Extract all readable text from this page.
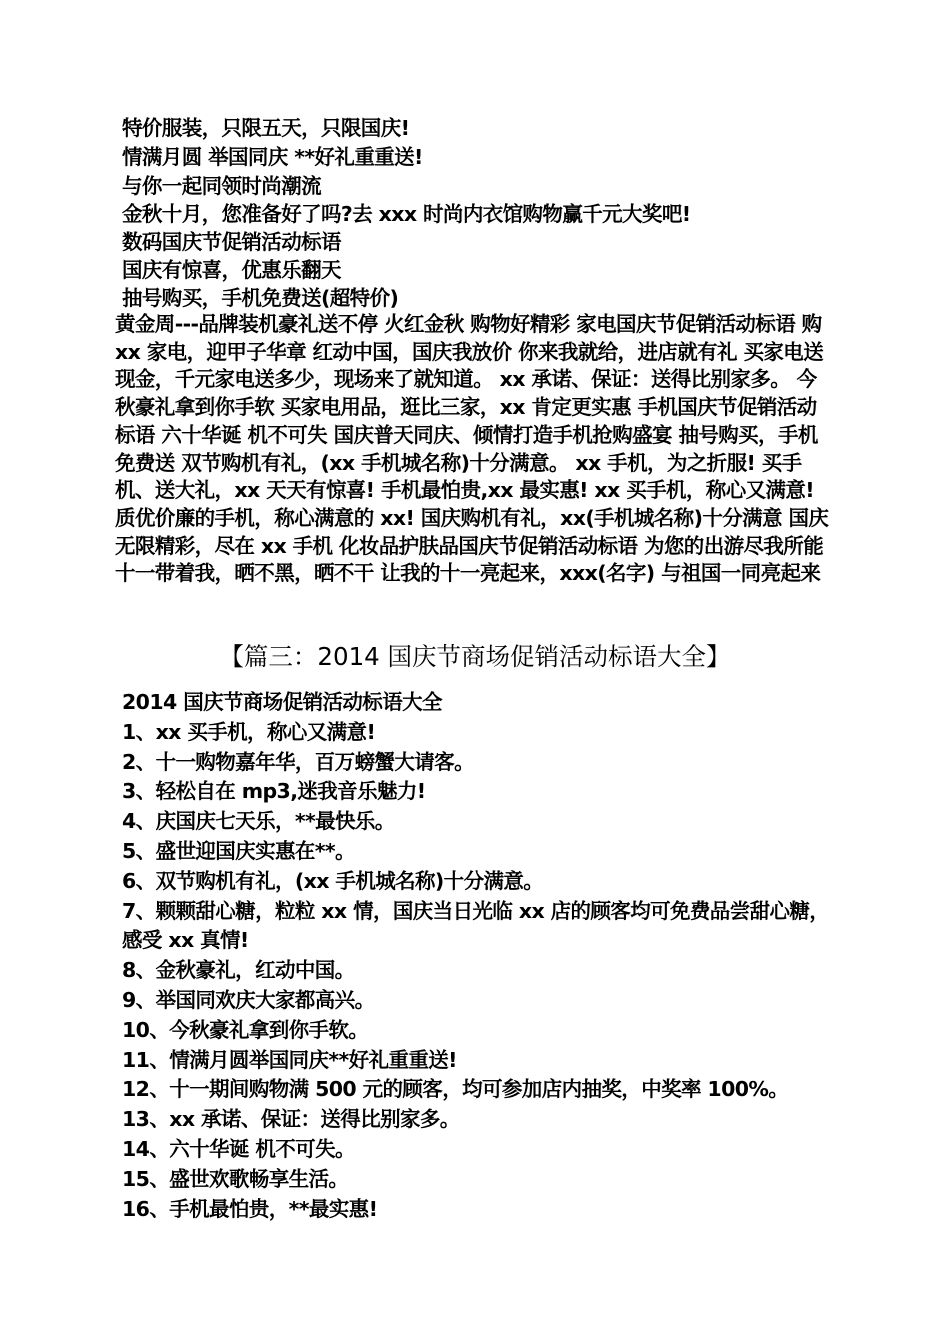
特价服装，只限五天，只限国庆!
情满月圆 举国同庆 **好礼重重送!
与你一起同领时尚潮流
金秋十月，您准备好了吗?去 xxx 时尚内衣馆购物赢千元大奖吧!
数码国庆节促销活动标语
国庆有惊喜，优惠乐翻天
抽号购买，手机免费送(超特价)
黄金周---品牌装机豪礼送不停 火红金秋 购物好精彩 家电国庆节促销活动标语 购 xx 家电，迎甲子华章 红动中国，国庆我放价 你来我就给，进店就有礼 买家电送现金，千元家电送多少，现场来了就知道。 xx 承诺、保证：送得比别家多。 今秋豪礼拿到你手软 买家电用品，逛比三家，xx 肯定更实惠 手机国庆节促销活动标语 六十华诞 机不可失 国庆普天同庆、倾情打造手机抢购盛宴 抽号购买，手机免费送 双节购机有礼，(xx 手机城名称)十分满意。 xx 手机，为之折服! 买手机、送大礼，xx 天天有惊喜! 手机最怕贵,xx 最实惠! xx 买手机，称心又满意! 质优价廉的手机，称心满意的 xx! 国庆购机有礼，xx(手机城名称)十分满意 国庆无限精彩，尽在 xx 手机 化妆品护肤品国庆节促销活动标语 为您的出游尽我所能 十一带着我，晒不黑，晒不干 让我的十一亮起来，xxx(名字) 与祖国一同亮起来
【篇三：2014 国庆节商场促销活动标语大全】
2014 国庆节商场促销活动标语大全
1、xx 买手机，称心又满意!
2、十一购物嘉年华，百万螃蟹大请客。
3、轻松自在 mp3,迷我音乐魅力!
4、庆国庆七天乐，**最快乐。
5、盛世迎国庆实惠在**。
6、双节购机有礼，(xx 手机城名称)十分满意。
7、颗颗甜心糖，粒粒 xx 情，国庆当日光临 xx 店的顾客均可免费品尝甜心糖，感受 xx 真情!
8、金秋豪礼，红动中国。
9、举国同欢庆大家都高兴。
10、今秋豪礼拿到你手软。
11、情满月圆举国同庆**好礼重重送!
12、十一期间购物满 500 元的顾客，均可参加店内抽奖，中奖率 100%。
13、xx 承诺、保证：送得比别家多。
14、六十华诞 机不可失。
15、盛世欢歌畅享生活。
16、手机最怕贵，**最实惠!
